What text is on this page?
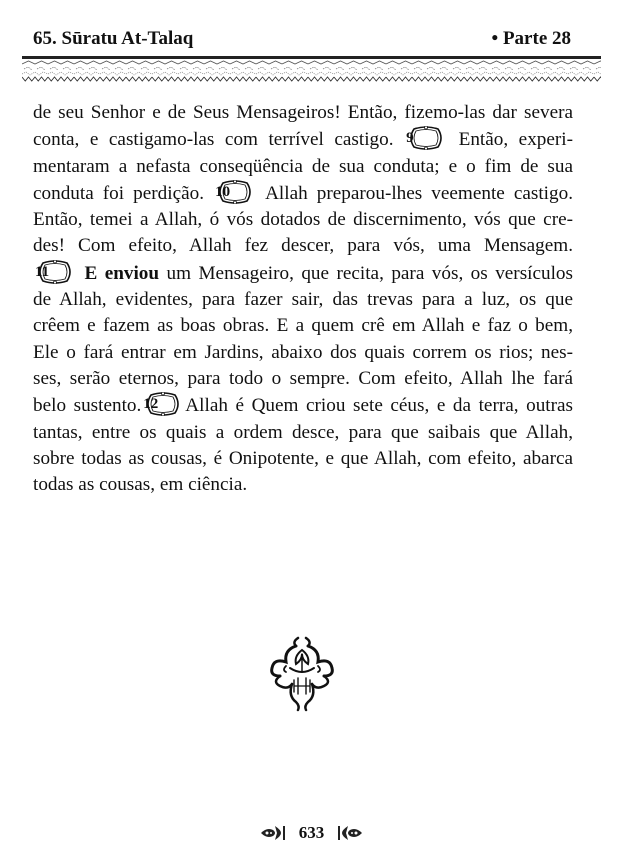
65. Sūratu At-Talaq	• Parte 28
de seu Senhor e de Seus Mensageiros! Então, fizemo-las dar severa
conta, e castigamo-las com terrível castigo. 9	Então, experi-
mentaram a nefasta conseqüência de sua conduta; e o fim de sua
conduta foi perdição. 10	Allah preparou-lhes veemente castigo.
Então, temei a Allah, ó vós dotados de discernimento, vós que cre-
des! Com efeito, Allah fez descer, para vós, uma Mensagem.
11	E enviou um Mensageiro, que recita, para vós, os versículos
de Allah, evidentes, para fazer sair, das trevas para a luz, os que
crêem e fazem as boas obras. E a quem crê em Allah e faz o bem,
Ele o fará entrar em Jardins, abaixo dos quais correm os rios; nes-
ses, serão eternos, para todo o sempre. Com efeito, Allah lhe fará
belo sustento. 12	Allah é Quem criou sete céus, e da terra, outras
tantas, entre os quais a ordem desce, para que saibais que Allah,
sobre todas as cousas, é Onipotente, e que Allah, com efeito, abarca
todas as cousas, em ciência.
633
